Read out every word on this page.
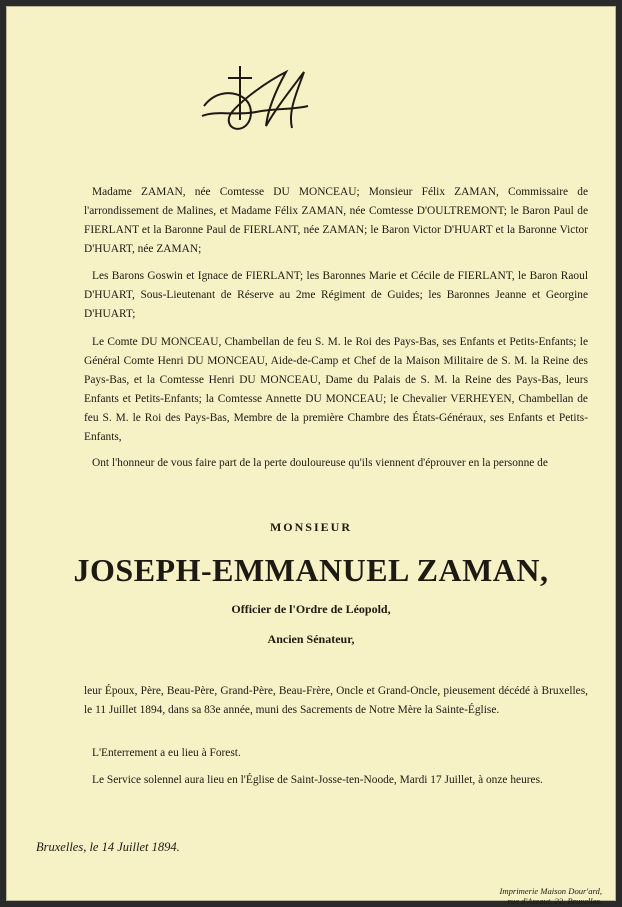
Madame ZAMAN, née Comtesse DU MONCEAU; Monsieur Félix ZAMAN, Commissaire de l'arrondissement de Malines, et Madame Félix ZAMAN, née Comtesse D'OULTREMONT; le Baron Paul de FIERLANT et la Baronne Paul de FIERLANT, née ZAMAN; le Baron Victor D'HUART et la Baronne Victor D'HUART, née ZAMAN;

Les Barons Goswin et Ignace de FIERLANT; les Baronnes Marie et Cécile de FIERLANT, le Baron Raoul D'HUART, Sous-Lieutenant de Réserve au 2me Régiment de Guides; les Baronnes Jeanne et Georgine D'HUART;

Le Comte DU MONCEAU, Chambellan de feu S. M. le Roi des Pays-Bas, ses Enfants et Petits-Enfants; le Général Comte Henri DU MONCEAU, Aide-de-Camp et Chef de la Maison Militaire de S. M. la Reine des Pays-Bas, et la Comtesse Henri DU MONCEAU, Dame du Palais de S. M. la Reine des Pays-Bas, leurs Enfants et Petits-Enfants; la Comtesse Annette DU MONCEAU; le Chevalier VERHEYEN, Chambellan de feu S. M. le Roi des Pays-Bas, Membre de la première Chambre des États-Généraux, ses Enfants et Petits-Enfants,

Ont l'honneur de vous faire part de la perte douloureuse qu'ils viennent d'éprouver en la personne de

MONSIEUR
JOSEPH-EMMANUEL ZAMAN,
Officier de l'Ordre de Léopold,
Ancien Sénateur,

leur Époux, Père, Beau-Père, Grand-Père, Beau-Frère, Oncle et Grand-Oncle, pieusement décédé à Bruxelles, le 11 Juillet 1894, dans sa 83e année, muni des Sacrements de Notre Mère la Sainte-Église.

L'Enterrement a eu lieu à Forest.

Le Service solennel aura lieu en l'Église de Saint-Josse-ten-Noode, Mardi 17 Juillet, à onze heures.

Bruxelles, le 14 Juillet 1894.
Imprimerie Maison Dour'ard,
rue d'Assaut, 22, Bruxelles.
